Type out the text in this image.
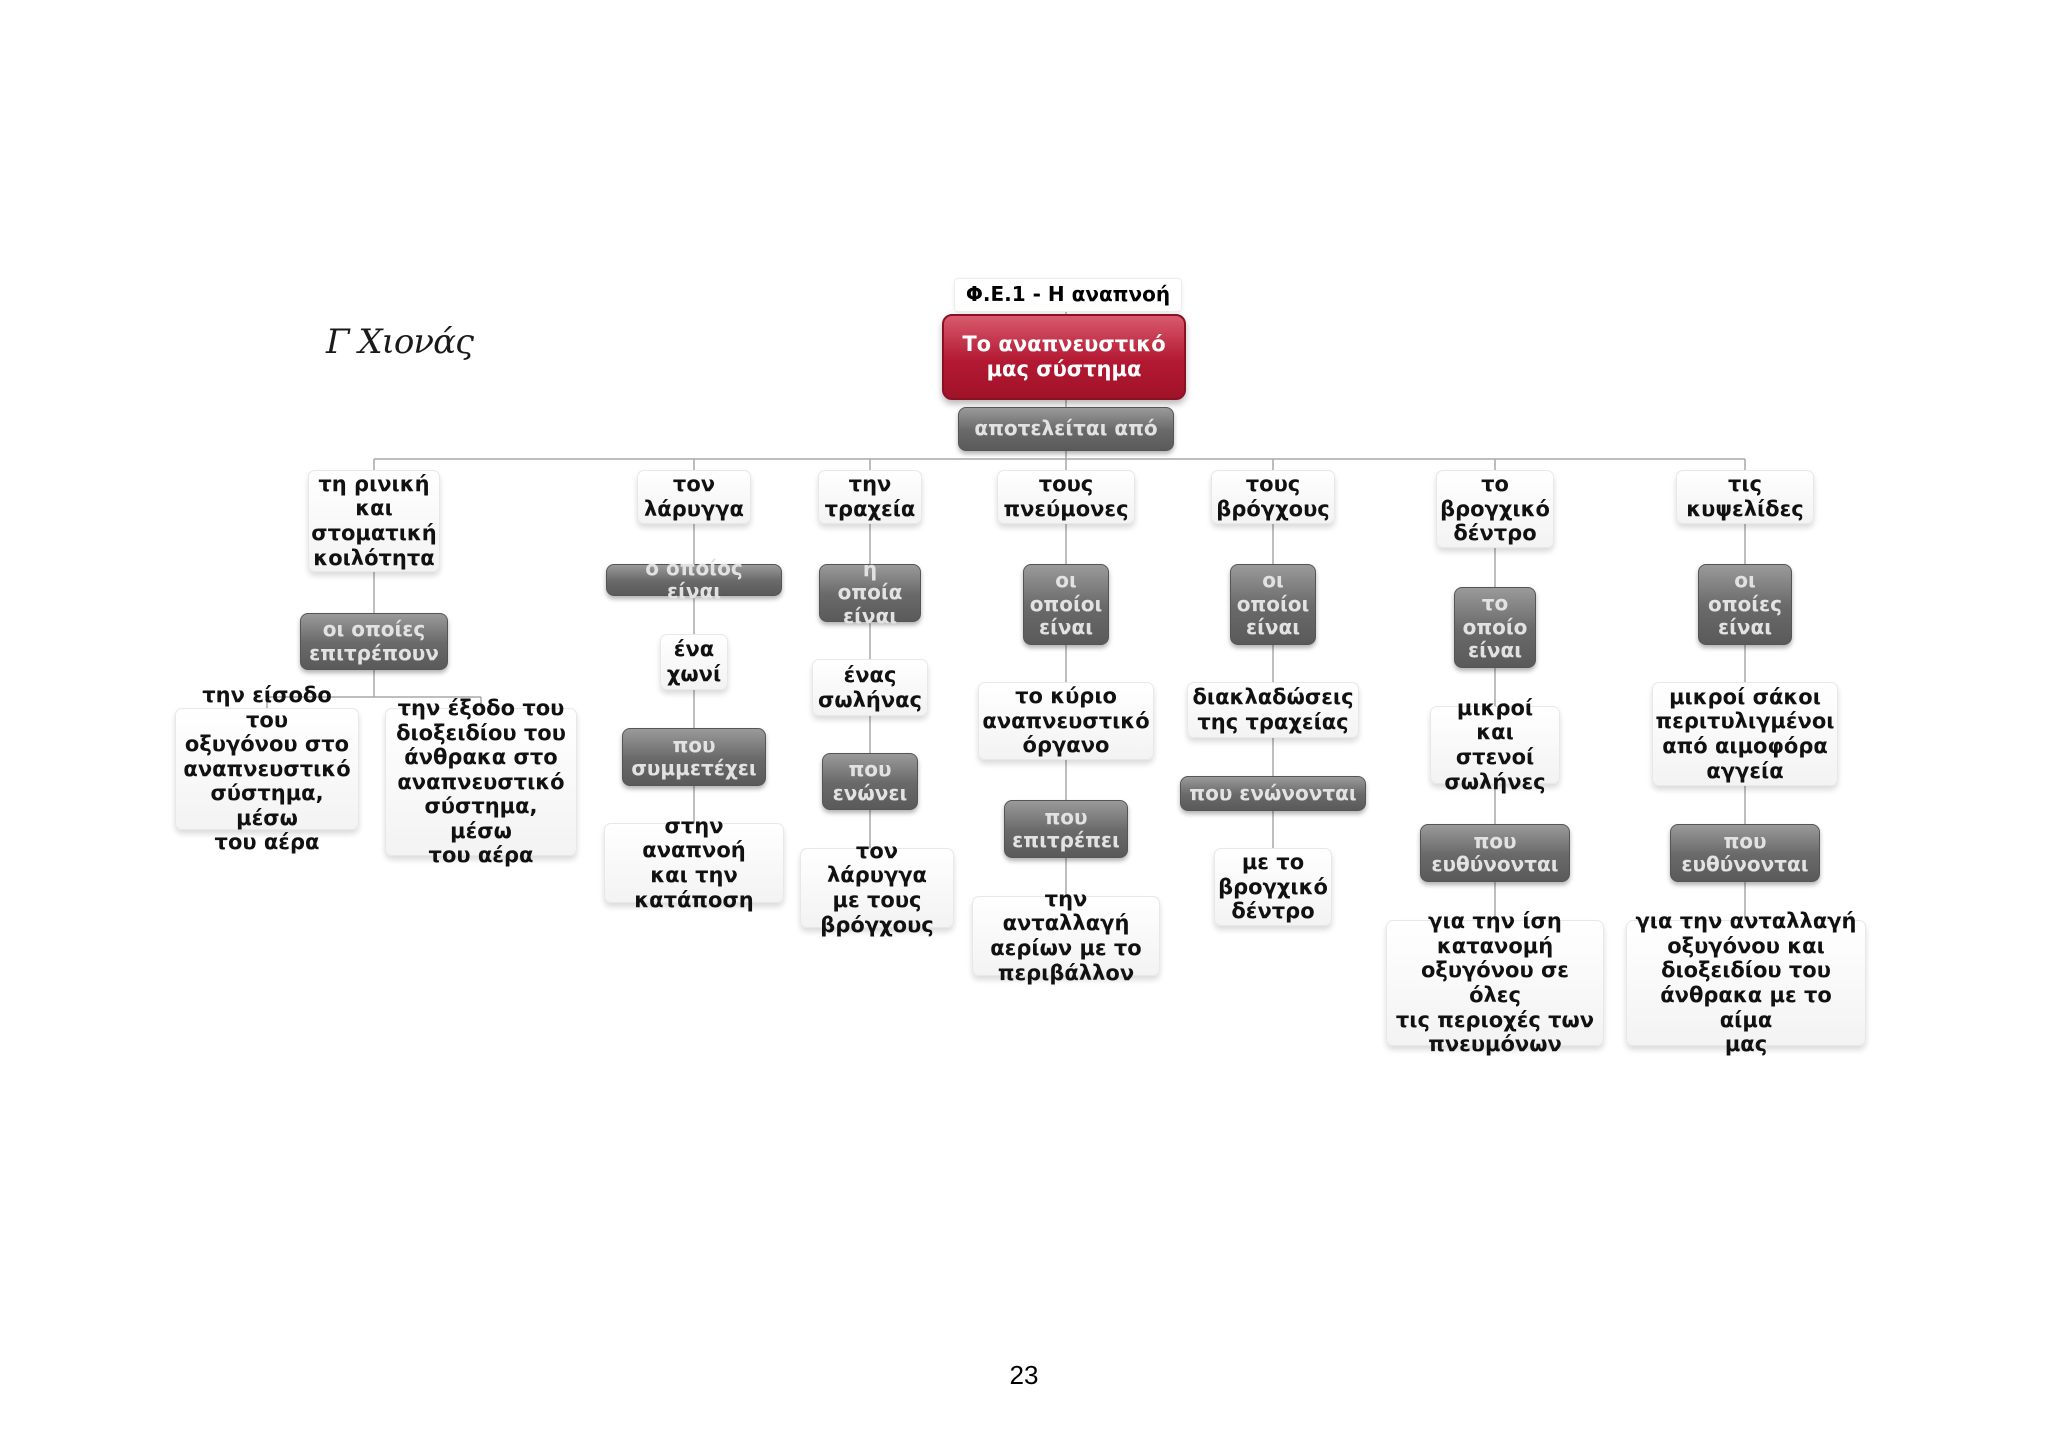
Γ Χιονάς
Φ.Ε.1 - Η αναπνοή
Το αναπνευστικό
μας σύστημα
αποτελείται από
τη ρινική
και
στοματική
κοιλότητα
οι οποίες
επιτρέπουν
την είσοδο του
οξυγόνου στο
αναπνευστικό
σύστημα, μέσω
του αέρα
την έξοδο του
διοξειδίου του
άνθρακα στο
αναπνευστικό
σύστημα, μέσω
του αέρα
τον
λάρυγγα
ο οποίος είναι
ένα
χωνί
που
συμμετέχει
στην αναπνοή
και την
κατάποση
την
τραχεία
η οποία
είναι
ένας
σωλήνας
που
ενώνει
τον λάρυγγα
με τους
βρόγχους
τους
πνεύμονες
οι
οποίοι
είναι
το κύριο
αναπνευστικό
όργανο
που
επιτρέπει
την ανταλλαγή
αερίων με το
περιβάλλον
τους
βρόγχους
οι
οποίοι
είναι
διακλαδώσεις
της τραχείας
που ενώνονται
με το
βρογχικό
δέντρο
το
βρογχικό
δέντρο
το
οποίο
είναι
μικροί και
στενοί
σωλήνες
που
ευθύνονται
για την ίση
κατανομή
οξυγόνου σε όλες
τις περιοχές των
πνευμόνων
τις
κυψελίδες
οι
οποίες
είναι
μικροί σάκοι
περιτυλιγμένοι
από αιμοφόρα
αγγεία
που
ευθύνονται
για την ανταλλαγή
οξυγόνου και
διοξειδίου του
άνθρακα με το αίμα
μας
23
